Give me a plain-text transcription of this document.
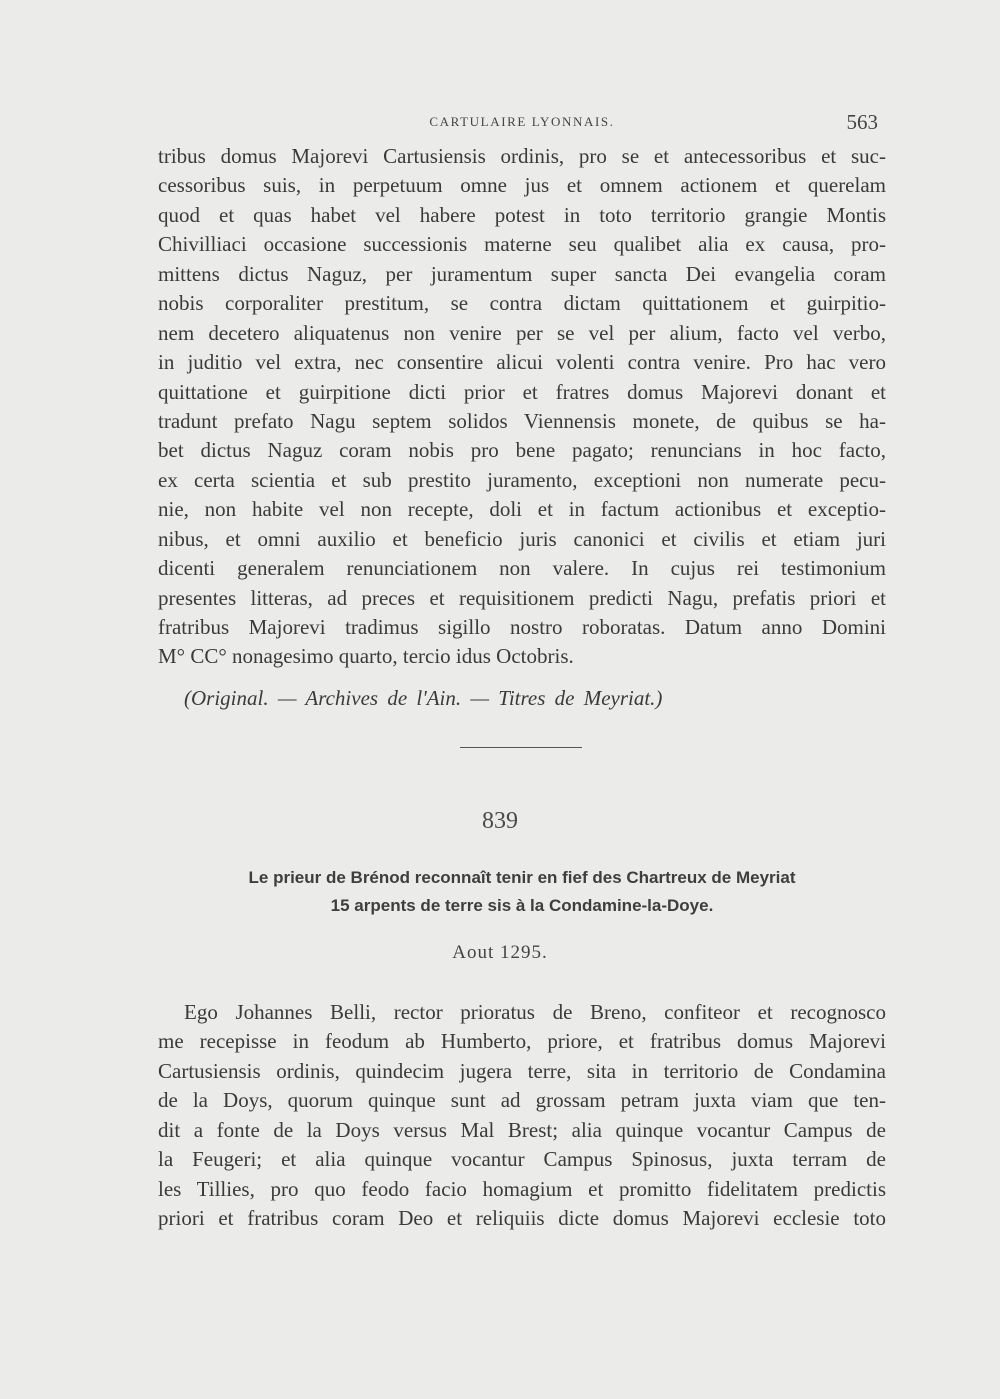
CARTULAIRE LYONNAIS.	563
tribus domus Majorevi Cartusiensis ordinis, pro se et antecessoribus et suc-
cessoribus suis, in perpetuum omne jus et omnem actionem et querelam
quod et quas habet vel habere potest in toto territorio grangie Montis
Chivilliaci occasione successionis materne seu qualibet alia ex causa, pro-
mittens dictus Naguz, per juramentum super sancta Dei evangelia coram
nobis corporaliter prestitum, se contra dictam quittationem et guirpitio-
nem decetero aliquatenus non venire per se vel per alium, facto vel verbo,
in juditio vel extra, nec consentire alicui volenti contra venire. Pro hac vero
quittatione et guirpitione dicti prior et fratres domus Majorevi donant et
tradunt prefato Nagu septem solidos Viennensis monete, de quibus se ha-
bet dictus Naguz coram nobis pro bene pagato; renuncians in hoc facto,
ex certa scientia et sub prestito juramento, exceptioni non numerate pecu-
nie, non habite vel non recepte, doli et in factum actionibus et exceptio-
nibus, et omni auxilio et beneficio juris canonici et civilis et etiam juri
dicenti generalem renunciationem non valere. In cujus rei testimonium
presentes litteras, ad preces et requisitionem predicti Nagu, prefatis priori et
fratribus Majorevi tradimus sigillo nostro roboratas. Datum anno Domini
M° CC° nonagesimo quarto, tercio idus Octobris.
(Original. — Archives de l'Ain. — Titres de Meyriat.)
839
Le prieur de Brénod reconnaît tenir en fief des Chartreux de Meyriat
15 arpents de terre sis à la Condamine-la-Doye.
Aout 1295.
Ego Johannes Belli, rector prioratus de Breno, confiteor et recognosco
me recepisse in feodum ab Humberto, priore, et fratribus domus Majorevi
Cartusiensis ordinis, quindecim jugera terre, sita in territorio de Condamina
de la Doys, quorum quinque sunt ad grossam petram juxta viam que ten-
dit a fonte de la Doys versus Mal Brest; alia quinque vocantur Campus de
la Feugeri; et alia quinque vocantur Campus Spinosus, juxta terram de
les Tillies, pro quo feodo facio homagium et promitto fidelitatem predictis
priori et fratribus coram Deo et reliquiis dicte domus Majorevi ecclesie toto
